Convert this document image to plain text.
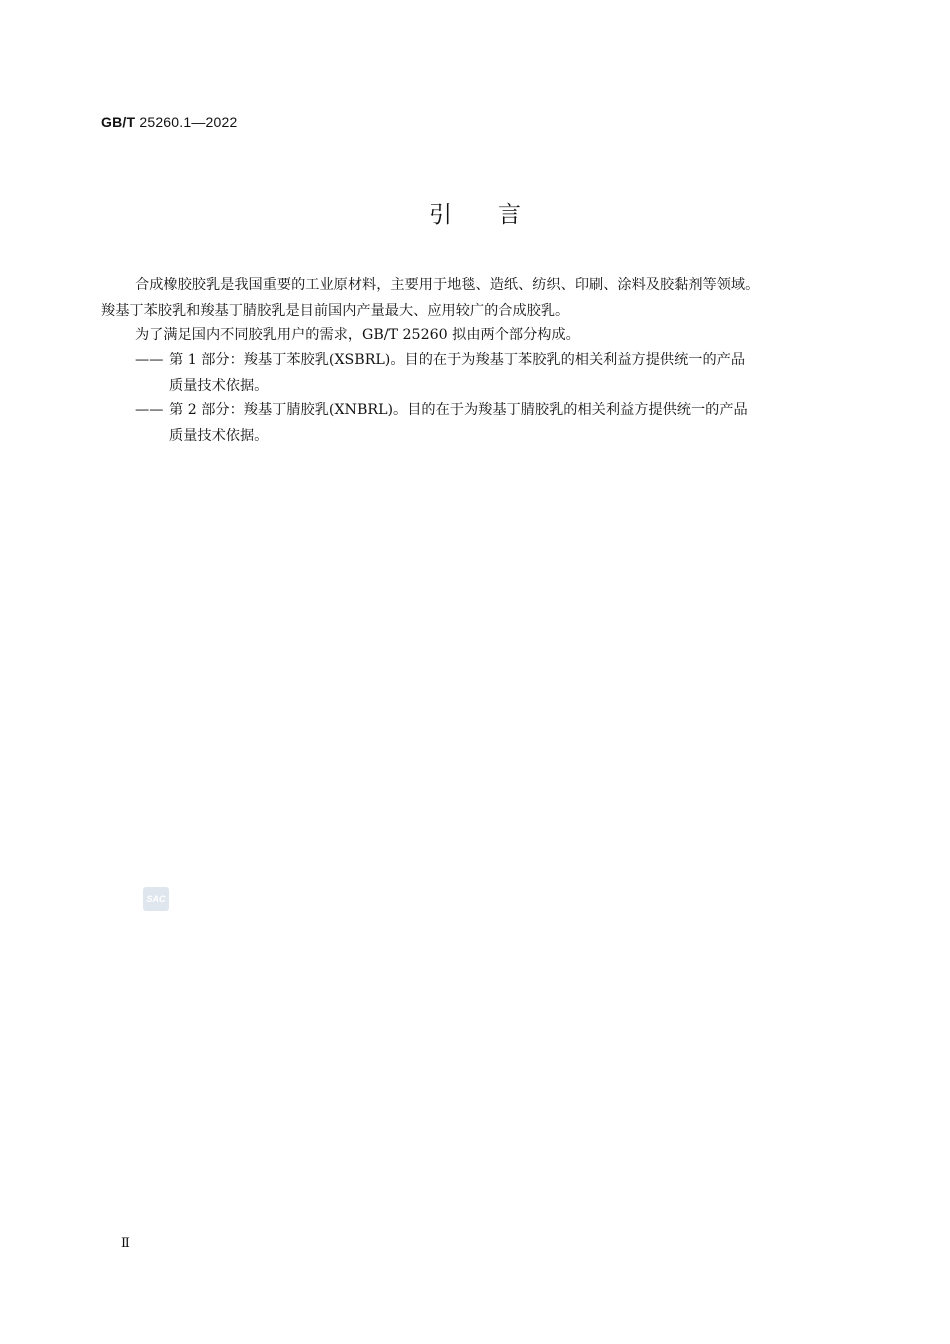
GB/T 25260.1—2022
引言
合成橡胶胶乳是我国重要的工业原材料，主要用于地毯、造纸、纺织、印刷、涂料及胶黏剂等领域。
羧基丁苯胶乳和羧基丁腈胶乳是目前国内产量最大、应用较广的合成胶乳。
为了满足国内不同胶乳用户的需求，GB/T 25260 拟由两个部分构成。
—— 第 1 部分：羧基丁苯胶乳(XSBRL)。目的在于为羧基丁苯胶乳的相关利益方提供统一的产品
质量技术依据。
—— 第 2 部分：羧基丁腈胶乳(XNBRL)。目的在于为羧基丁腈胶乳的相关利益方提供统一的产品
质量技术依据。
SAC
Ⅱ
